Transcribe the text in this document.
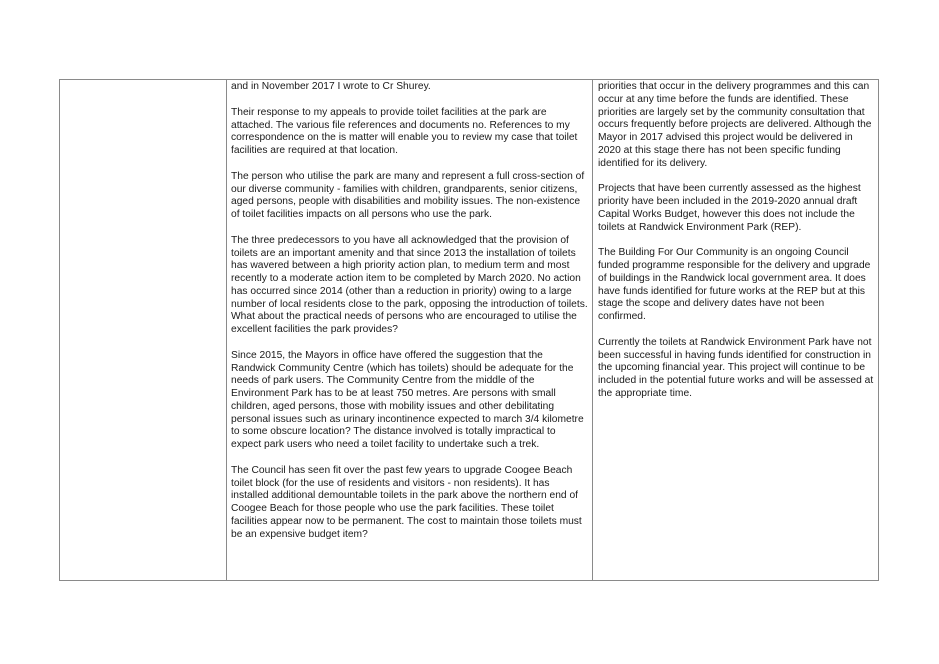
and in November 2017 I wrote to Cr Shurey.

Their response to my appeals to provide toilet facilities at the park are attached. The various file references and documents no. References to my correspondence on the is matter will enable you to review my case that toilet facilities are required at that location.

The person who utilise the park are many and represent a full cross-section of our diverse community - families with children, grandparents, senior citizens, aged persons, people with disabilities and mobility issues. The non-existence of toilet facilities impacts on all persons who use the park.

The three predecessors to you have all acknowledged that the provision of toilets are an important amenity and that since 2013 the installation of toilets has wavered between a high priority action plan, to medium term and most recently to a moderate action item to be completed by March 2020. No action has occurred since 2014 (other than a reduction in priority) owing to a large number of local residents close to the park, opposing the introduction of toilets. What about the practical needs of persons who are encouraged to utilise the excellent facilities the park provides?

Since 2015, the Mayors in office have offered the suggestion that the Randwick Community Centre (which has toilets) should be adequate for the needs of park users. The Community Centre from the middle of the Environment Park has to be at least 750 metres. Are persons with small children, aged persons, those with mobility issues and other debilitating personal issues such as urinary incontinence expected to march 3/4 kilometre to some obscure location? The distance involved is totally impractical to expect park users who need a toilet facility to undertake such a trek.

The Council has seen fit over the past few years to upgrade Coogee Beach toilet block (for the use of residents and visitors - non residents). It has installed additional demountable toilets in the park above the northern end of Coogee Beach for those people who use the park facilities. These toilet facilities appear now to be permanent. The cost to maintain those toilets must be an expensive budget item?

priorities that occur in the delivery programmes and this can occur at any time before the funds are identified. These priorities are largely set by the community consultation that occurs frequently before projects are delivered. Although the Mayor in 2017 advised this project would be delivered in 2020 at this stage there has not been specific funding identified for its delivery.

Projects that have been currently assessed as the highest priority have been included in the 2019-2020 annual draft Capital Works Budget, however this does not include the toilets at Randwick Environment Park (REP).

The Building For Our Community is an ongoing Council funded programme responsible for the delivery and upgrade of buildings in the Randwick local government area. It does have funds identified for future works at the REP but at this stage the scope and delivery dates have not been confirmed.

Currently the toilets at Randwick Environment Park have not been successful in having funds identified for construction in the upcoming financial year. This project will continue to be included in the potential future works and will be assessed at the appropriate time.
